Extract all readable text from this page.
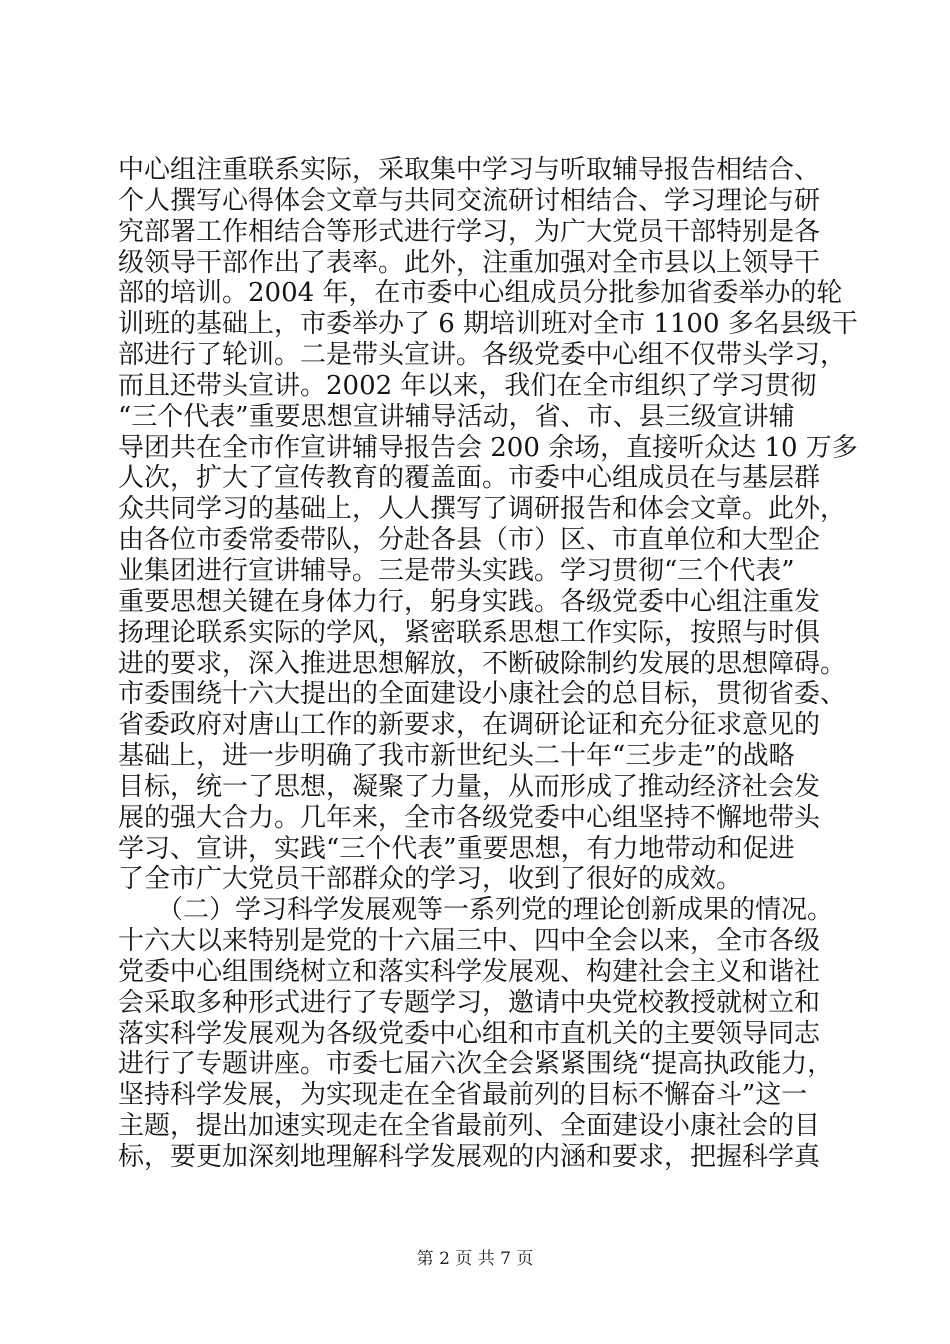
中心组注重联系实际，采取集中学习与听取辅导报告相结合、
个人撰写心得体会文章与共同交流研讨相结合、学习理论与研
究部署工作相结合等形式进行学习，为广大党员干部特别是各
级领导干部作出了表率。此外，注重加强对全市县以上领导干
部的培训。2004 年，在市委中心组成员分批参加省委举办的轮
训班的基础上，市委举办了 6 期培训班对全市 1100 多名县级干
部进行了轮训。二是带头宣讲。各级党委中心组不仅带头学习，
而且还带头宣讲。2002 年以来，我们在全市组织了学习贯彻
“三个代表”重要思想宣讲辅导活动，省、市、县三级宣讲辅
导团共在全市作宣讲辅导报告会 200 余场，直接听众达 10 万多
人次，扩大了宣传教育的覆盖面。市委中心组成员在与基层群
众共同学习的基础上，人人撰写了调研报告和体会文章。此外，
由各位市委常委带队，分赴各县（市）区、市直单位和大型企
业集团进行宣讲辅导。三是带头实践。学习贯彻“三个代表”
重要思想关键在身体力行，躬身实践。各级党委中心组注重发
扬理论联系实际的学风，紧密联系思想工作实际，按照与时俱
进的要求，深入推进思想解放，不断破除制约发展的思想障碍。
市委围绕十六大提出的全面建设小康社会的总目标，贯彻省委、
省委政府对唐山工作的新要求，在调研论证和充分征求意见的
基础上，进一步明确了我市新世纪头二十年“三步走”的战略
目标，统一了思想，凝聚了力量，从而形成了推动经济社会发
展的强大合力。几年来，全市各级党委中心组坚持不懈地带头
学习、宣讲，实践“三个代表”重要思想，有力地带动和促进
了全市广大党员干部群众的学习，收到了很好的成效。
　　（二）学习科学发展观等一系列党的理论创新成果的情况。
十六大以来特别是党的十六届三中、四中全会以来，全市各级
党委中心组围绕树立和落实科学发展观、构建社会主义和谐社
会采取多种形式进行了专题学习，邀请中央党校教授就树立和
落实科学发展观为各级党委中心组和市直机关的主要领导同志
进行了专题讲座。市委七届六次全会紧紧围绕“提高执政能力，
坚持科学发展，为实现走在全省最前列的目标不懈奋斗”这一
主题，提出加速实现走在全省最前列、全面建设小康社会的目
标，要更加深刻地理解科学发展观的内涵和要求，把握科学真
第 2 页 共 7 页
